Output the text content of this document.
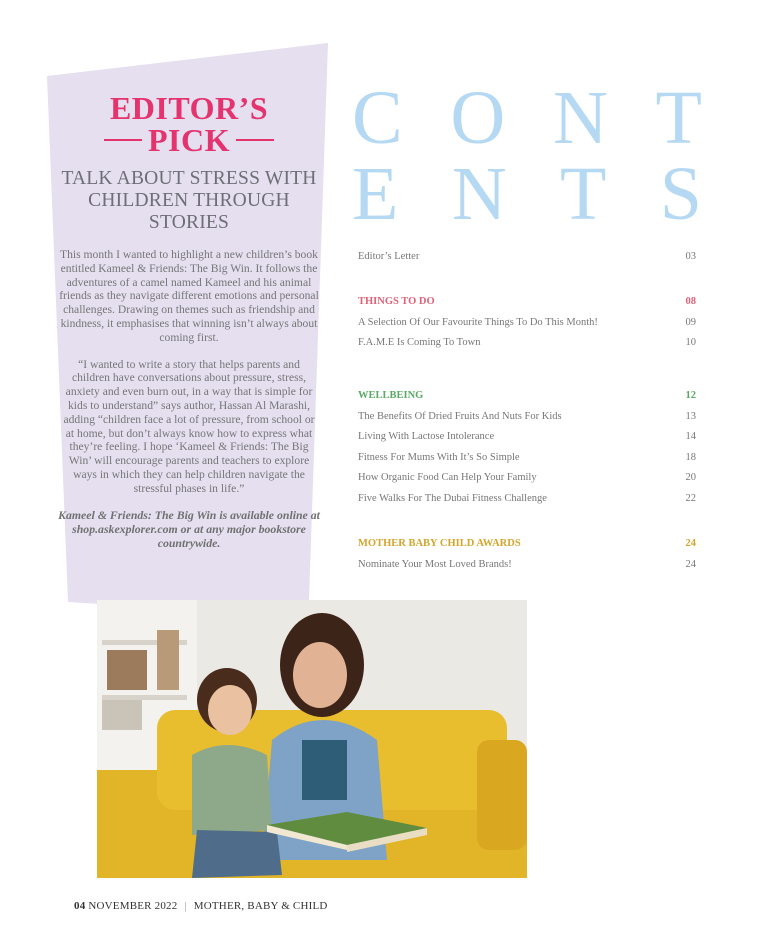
EDITOR’S
PICK
TALK ABOUT STRESS WITH CHILDREN THROUGH STORIES
This month I wanted to highlight a new children’s book entitled Kameel & Friends: The Big Win. It follows the adventures of a camel named Kameel and his animal friends as they navigate different emotions and personal challenges. Drawing on themes such as friendship and kindness, it emphasises that winning isn’t always about coming first.
“I wanted to write a story that helps parents and children have conversations about pressure, stress, anxiety and even burn out, in a way that is simple for kids to understand” says author, Hassan Al Marashi, adding “children face a lot of pressure, from school or at home, but don’t always know how to express what they’re feeling. I hope ‘Kameel & Friends: The Big Win’ will encourage parents and teachers to explore ways in which they can help children navigate the stressful phases in life.”
Kameel & Friends: The Big Win is available online at shop.askexplorer.com or at any major bookstore countrywide.
C O N T
E N T S
Editor’s Letter	03
THINGS TO DO	08
A Selection Of Our Favourite Things To Do This Month!	09
F.A.M.E Is Coming To Town	10
WELLBEING	12
The Benefits Of Dried Fruits And Nuts For Kids	13
Living With Lactose Intolerance	14
Fitness For Mums With It’s So Simple	18
How Organic Food Can Help Your Family	20
Five Walks For The Dubai Fitness Challenge	22
MOTHER BABY CHILD AWARDS	24
Nominate Your Most Loved Brands!	24
04 NOVEMBER 2022 | MOTHER, BABY & CHILD
